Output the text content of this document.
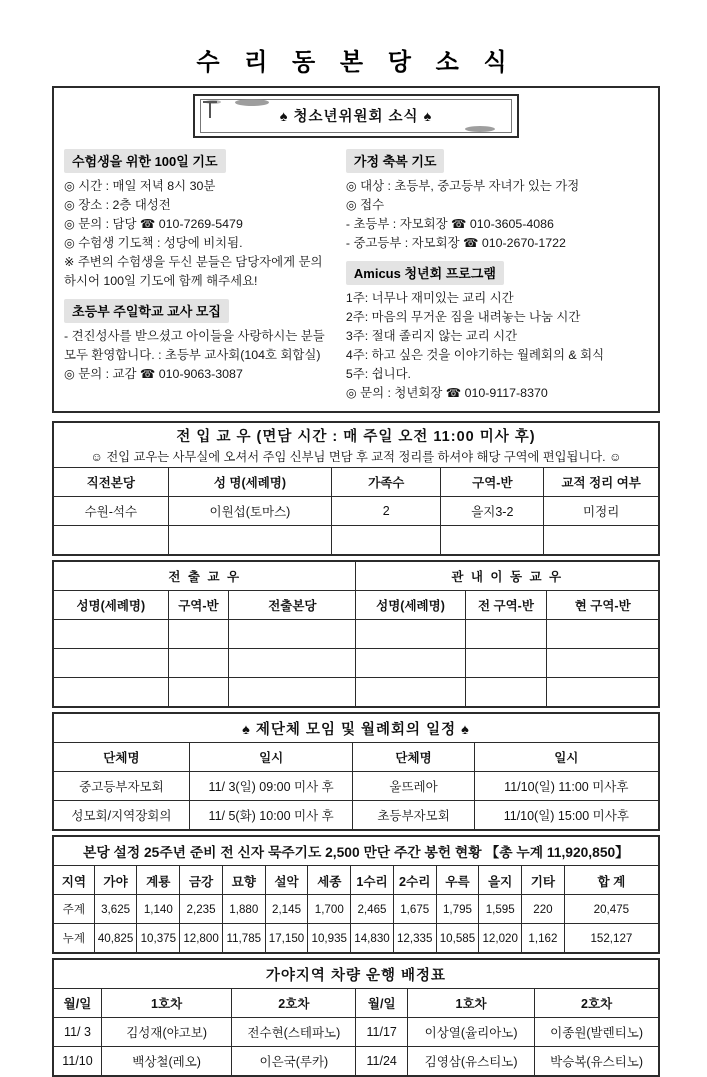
수 리 동 본 당 소 식
♠ 청소년위원회 소식 ♠
수험생을 위한 100일 기도
◎ 시간 : 매일 저녁 8시 30분
◎ 장소 : 2층 대성전
◎ 문의 : 담당 ☎ 010-7269-5479
◎ 수험생 기도책 : 성당에 비치됨.
※ 주변의 수험생을 두신 분들은 담당자에게 문의하시어 100일 기도에 함께 해주세요!
초등부 주일학교 교사 모집
- 견진성사를 받으셨고 아이들을 사랑하시는 분들 모두 환영합니다. : 초등부 교사회(104호 회합실)
◎ 문의 : 교감 ☎ 010-9063-3087
가정 축복 기도
◎ 대상 : 초등부, 중고등부 자녀가 있는 가정
◎ 접수
- 초등부 : 자모회장 ☎ 010-3605-4086
- 중고등부 : 자모회장 ☎ 010-2670-1722
Amicus 청년회 프로그램
1주: 너무나 재미있는 교리 시간
2주: 마음의 무거운 짐을 내려놓는 나눔 시간
3주: 절대 졸리지 않는 교리 시간
4주: 하고 싶은 것을 이야기하는 월례회의 & 회식
5주: 쉽니다.
◎ 문의 : 청년회장 ☎ 010-9117-8370
전 입 교 우 (면담 시간 : 매 주일 오전 11:00 미사 후)
☺ 전입 교우는 사무실에 오셔서 주임 신부님 면담 후 교적 정리를 하셔야 해당 구역에 편입됩니다. ☺				

직전본당	성 명(세례명)	가족수	구역-반	교적 정리 여부
수원-석수	이원섭(토마스)	2	을지3-2	미정리

전 출 교 우			관 내 이 동 교 우		
성명(세례명)	구역-반	전출본당	성명(세례명)	전 구역-반	현 구역-반

♠ 제단체 모임 및 월례회의 일정 ♠			

단체명	일시	단체명	일시
중고등부자모회	11/ 3(일) 09:00 미사 후	울뜨레아	11/10(일) 11:00 미사후
성모회/지역장회의	11/ 5(화) 10:00 미사 후	초등부자모회	11/10(일) 15:00 미사후
본당 설정 25주년 준비 전 신자 묵주기도 2,500 만단 주간 봉헌 현황 【총 누계 11,920,850】												

지역	가야	계룡	금강	묘향	설악	세종	1수리	2수리	우륵	을지	기타	합 계
주계	3,625	1,140	2,235	1,880	2,145	1,700	2,465	1,675	1,795	1,595	220	20,475
누계	40,825	10,375	12,800	11,785	17,150	10,935	14,830	12,335	10,585	12,020	1,162	152,127
가야지역 차량 운행 배정표					

월/일	1호차	2호차	월/일	1호차	2호차
11/ 3	김성재(야고보)	전수현(스테파노)	11/17	이상열(율리아노)	이종원(발렌티노)
11/10	백상철(레오)	이은국(루카)	11/24	김영삼(유스티노)	박승복(유스티노)
